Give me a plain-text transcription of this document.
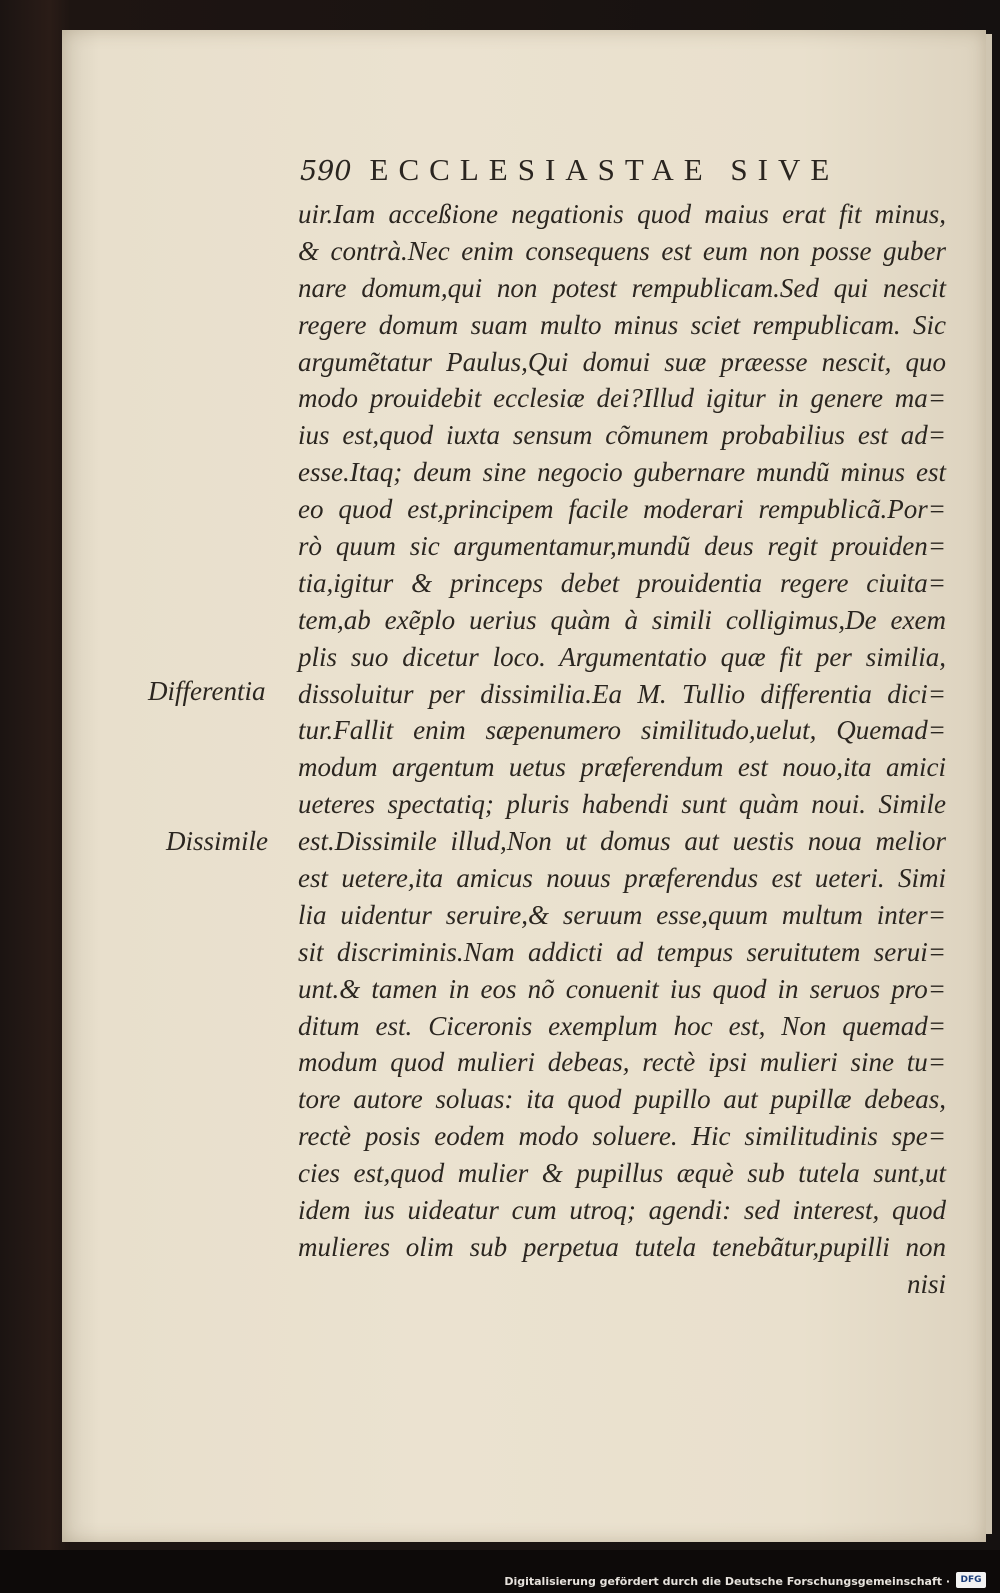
590 ECCLESIASTAE SIVE
uir.Iam acceßione negationis quod maius erat fit minus,
& contrà.Nec enim consequens est eum non posse guber
nare domum,qui non potest rempublicam.Sed qui nescit
regere domum suam multo minus sciet rempublicam. Sic
argumẽtatur Paulus,Qui domui suæ præesse nescit, quo
modo prouidebit ecclesiæ dei?Illud igitur in genere ma=
ius est,quod iuxta sensum cõmunem probabilius est ad=
esse.Itaq; deum sine negocio gubernare mundũ minus est
eo quod est,principem facile moderari rempublicã.Por=
rò quum sic argumentamur,mundũ deus regit prouiden=
tia,igitur & princeps debet prouidentia regere ciuita=
tem,ab exẽplo uerius quàm à simili colligimus,De exem
plis suo dicetur loco. Argumentatio quæ fit per similia,
dissoluitur per dissimilia.Ea M. Tullio differentia dici=
tur.Fallit enim sæpenumero similitudo,uelut, Quemad=
modum argentum uetus præferendum est nouo,ita amici
ueteres spectatiq; pluris habendi sunt quàm noui. Simile
est.Dissimile illud,Non ut domus aut uestis noua melior
est uetere,ita amicus nouus præferendus est ueteri. Simi
lia uidentur seruire,& seruum esse,quum multum inter=
sit discriminis.Nam addicti ad tempus seruitutem serui=
unt.& tamen in eos nõ conuenit ius quod in seruos pro=
ditum est. Ciceronis exemplum hoc est, Non quemad=
modum quod mulieri debeas, rectè ipsi mulieri sine tu=
tore autore soluas: ita quod pupillo aut pupillæ debeas,
rectè posis eodem modo soluere. Hic similitudinis spe=
cies est,quod mulier & pupillus æquè sub tutela sunt,ut
idem ius uideatur cum utroq; agendi: sed interest, quod
mulieres olim sub perpetua tutela tenebãtur,pupilli non
nisi
Differentia
Dissimile
Digitalisierung gefördert durch die Deutsche Forschungsgemeinschaft ·	DFG
